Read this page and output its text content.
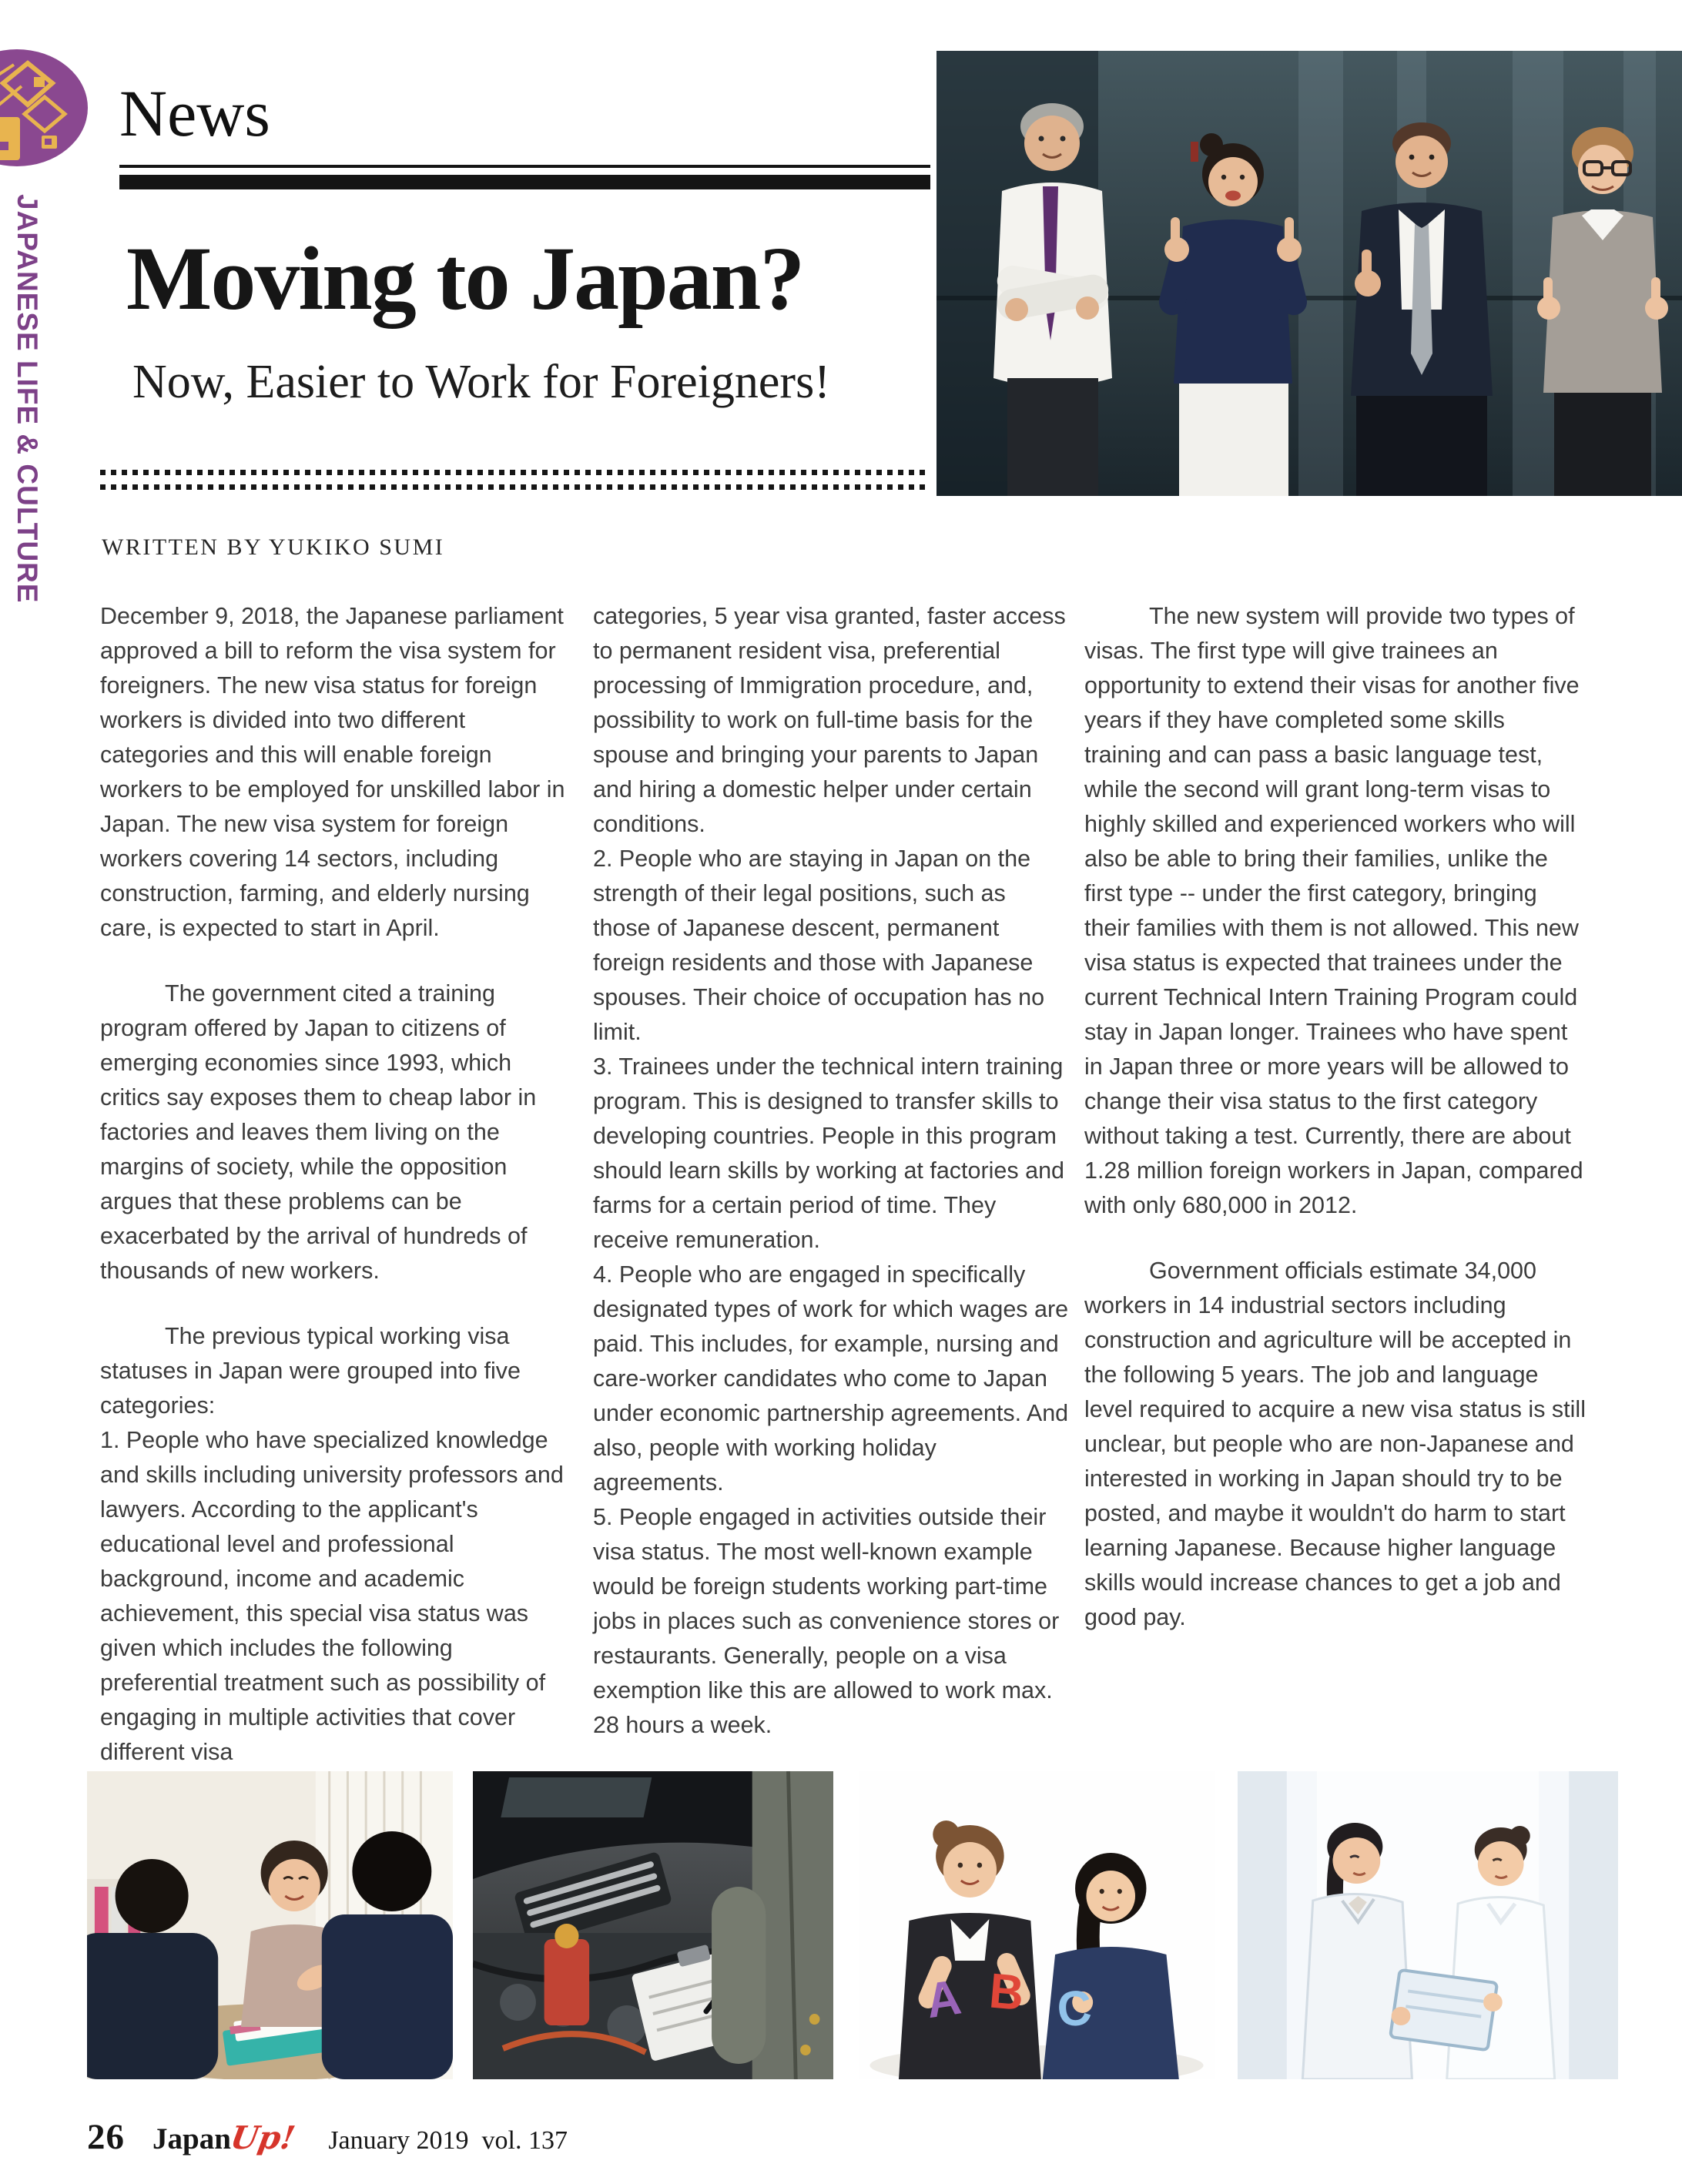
JAPANESE LIFE & CULTURE
News
Moving to Japan?
Now, Easier to Work for Foreigners!
WRITTEN BY YUKIKO SUMI

December 9, 2018, the Japanese parliament approved a bill to reform the visa system for foreigners. The new visa status for foreign workers is divided into two different categories and this will enable foreign workers to be employed for unskilled labor in Japan. The new visa system for foreign workers covering 14 sectors, including construction, farming, and elderly nursing care, is expected to start in April.

The government cited a training program offered by Japan to citizens of emerging economies since 1993, which critics say exposes them to cheap labor in factories and leaves them living on the margins of society, while the opposition argues that these problems can be exacerbated by the arrival of hundreds of thousands of new workers.

The previous typical working visa statuses in Japan were grouped into five categories:

1. People who have specialized knowledge and skills including university professors and lawyers. According to the applicant's educational level and professional background, income and academic achievement, this special visa status was given which includes the following preferential treatment such as possibility of engaging in multiple activities that cover different visa

categories, 5 year visa granted, faster access to permanent resident visa, preferential processing of Immigration procedure, and, possibility to work on full-time basis for the spouse and bringing your parents to Japan and hiring a domestic helper under certain conditions.

2. People who are staying in Japan on the strength of their legal positions, such as those of Japanese descent, permanent foreign residents and those with Japanese spouses. Their choice of occupation has no limit.

3. Trainees under the technical intern training program. This is designed to transfer skills to developing countries. People in this program should learn skills by working at factories and farms for a certain period of time. They receive remuneration.

4. People who are engaged in specifically designated types of work for which wages are paid. This includes, for example, nursing and care-worker candidates who come to Japan under economic partnership agreements. And also, people with working holiday agreements.

5. People engaged in activities outside their visa status. The most well-known example would be foreign students working part-time jobs in places such as convenience stores or restaurants. Generally, people on a visa exemption like this are allowed to work max. 28 hours a week.

The new system will provide two types of visas. The first type will give trainees an opportunity to extend their visas for another five years if they have completed some skills training and can pass a basic language test, while the second will grant long-term visas to highly skilled and experienced workers who will also be able to bring their families, unlike the first type -- under the first category, bringing their families with them is not allowed. This new visa status is expected that trainees under the current Technical Intern Training Program could stay in Japan longer. Trainees who have spent in Japan three or more years will be allowed to change their visa status to the first category without taking a test. Currently, there are about 1.28 million foreign workers in Japan, compared with only 680,000 in 2012.

Government officials estimate 34,000 workers in 14 industrial sectors including construction and agriculture will be accepted in the following 5 years. The job and language level required to acquire a new visa status is still unclear, but people who are non-Japanese and interested in working in Japan should try to be posted, and maybe it wouldn't do harm to start learning Japanese. Because higher language skills would increase chances to get a job and good pay.

A B C
26 Japan
Up! January 2019  vol. 137
